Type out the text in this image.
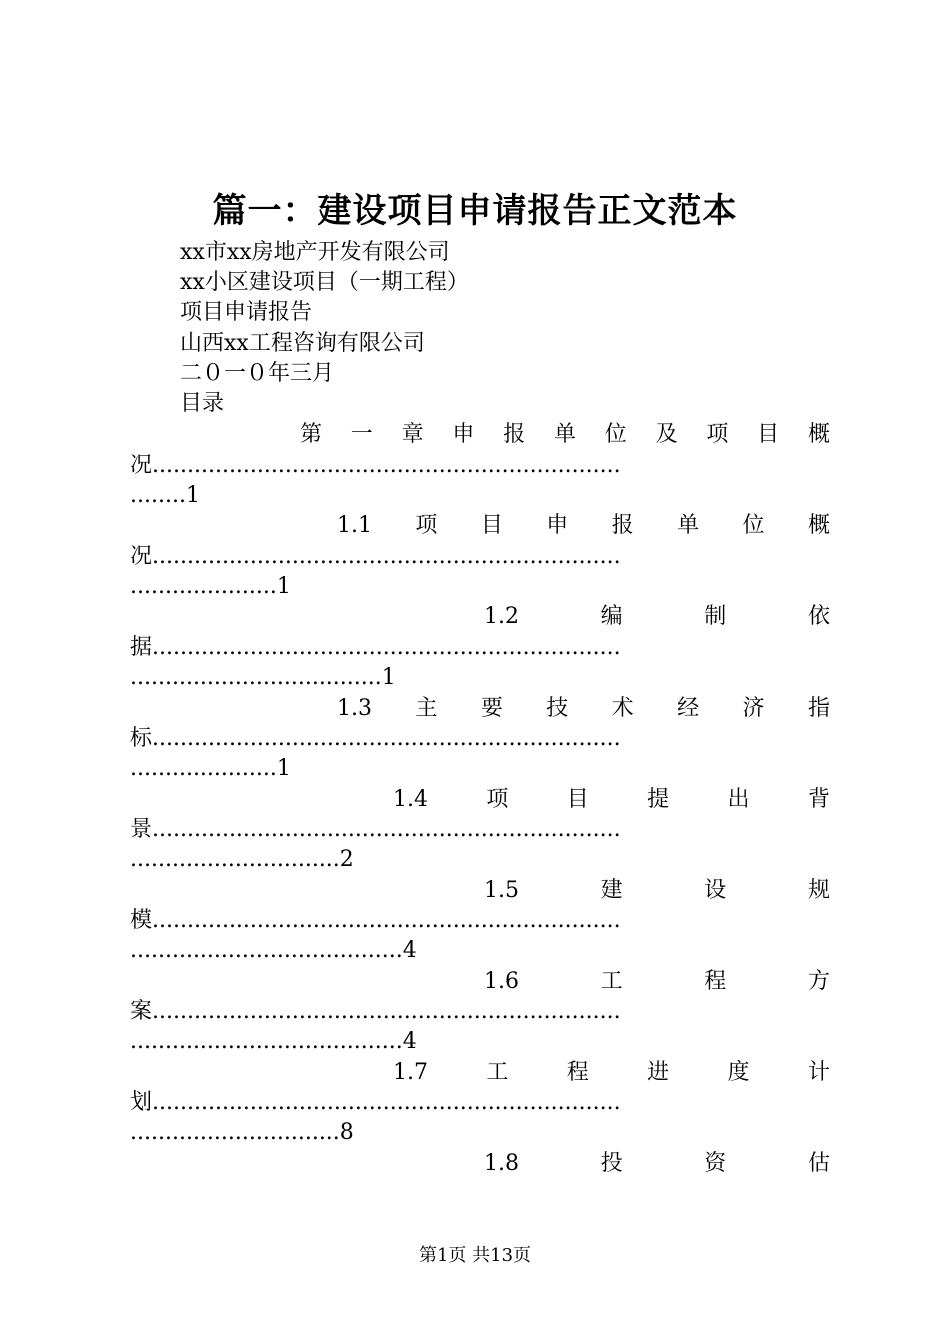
篇一：建设项目申请报告正文范本
xx市xx房地产开发有限公司
xx小区建设项目（一期工程）
项目申请报告
山西xx工程咨询有限公司
二０一０年三月
目录
第 一 章 申 报 单 位 及 项 目 概
况...................................................................
........1
1.1 项 目 申 报 单 位 概
况...................................................................
.....................1
1.2	编	制	依
据...................................................................
....................................1
1.3 主 要 技 术 经 济 指
标...................................................................
.....................1
1.4	项	目	提	出	背
景...................................................................
..............................2
1.5	建	设	规
模...................................................................
.......................................4
1.6	工	程	方
案...................................................................
.......................................4
1.7	工	程	进	度	计
划...................................................................
..............................8
1.8	投	资	估
第1页 共13页
